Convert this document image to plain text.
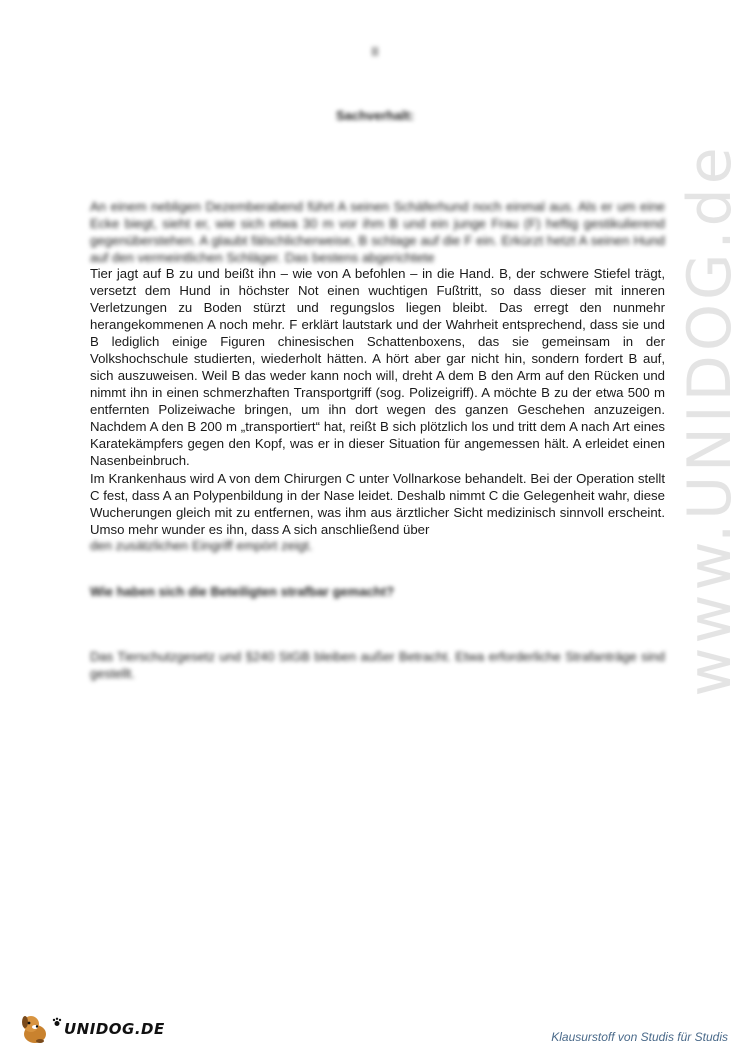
www.UNIDOG.de
II
Sachverhalt:

An einem nebligen Dezemberabend führt A seinen Schäferhund noch einmal aus. Als er um eine Ecke biegt, sieht er, wie sich etwa 30 m vor ihm B und ein junge Frau (F) heftig gestikulierend gegenüberstehen. A glaubt fälschlicherweise, B schlage auf die F ein. Erkürzt hetzt A seinen Hund auf den vermeintlichen Schläger. Das bestens abgerichtete

Tier jagt auf B zu und beißt ihn – wie von A befohlen – in die Hand. B, der schwere Stiefel trägt, versetzt dem Hund in höchster Not einen wuchtigen Fußtritt, so dass dieser mit inneren Verletzungen zu Boden stürzt und regungslos liegen bleibt. Das erregt den nunmehr herangekommenen A noch mehr. F erklärt lautstark und der Wahrheit entsprechend, dass sie und B lediglich einige Figuren chinesischen Schattenboxens, das sie gemeinsam in der Volkshochschule studierten, wiederholt hätten. A hört aber gar nicht hin, sondern fordert B auf, sich auszuweisen. Weil B das weder kann noch will, dreht A dem B den Arm auf den Rücken und nimmt ihn in einen schmerzhaften Transportgriff (sog. Polizeigriff). A möchte B zu der etwa 500 m entfernten Polizeiwache bringen, um ihn dort wegen des ganzen Geschehen anzuzeigen. Nachdem A den B 200 m „transportiert“ hat, reißt B sich plötzlich los und tritt dem A nach Art eines Karatekämpfers gegen den Kopf, was er in dieser Situation für angemessen hält. A erleidet einen Nasenbeinbruch.

Im Krankenhaus wird A von dem Chirurgen C unter Vollnarkose behandelt. Bei der Operation stellt C fest, dass A an Polypenbildung in der Nase leidet. Deshalb nimmt C die Gelegenheit wahr, diese Wucherungen gleich mit zu entfernen, was ihm aus ärztlicher Sicht medizinisch sinnvoll erscheint. Umso mehr wunder es ihn, dass A sich anschließend über

den zusätzlichen Eingriff empört zeigt.

Wie haben sich die Beteiligten strafbar gemacht?
Das Tierschutzgesetz und §240 StGB bleiben außer Betracht. Etwa erforderliche Strafanträge sind gestellt.
UNIDOG.DE	Klausurstoff von Studis für Studis
